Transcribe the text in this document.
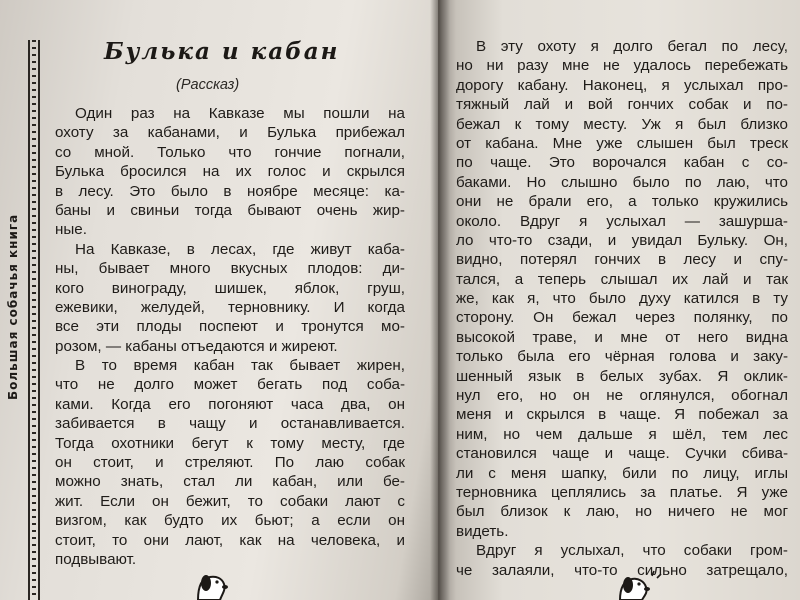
Большая собачья книга
Булька и кабан
(Рассказ)
Один раз на Кавказе мы пошли на
охоту за кабанами, и Булька прибежал
со мной. Только что гончие погнали,
Булька бросился на их голос и скрылся
в лесу. Это было в ноябре месяце: ка-
баны и свиньи тогда бывают очень жир-
ные.
На Кавказе, в лесах, где живут каба-
ны, бывает много вкусных плодов: ди-
кого винограду, шишек, яблок, груш,
ежевики, желудей, терновнику. И когда
все эти плоды поспеют и тронутся мо-
розом, — кабаны отъедаются и жиреют.
В то время кабан так бывает жирен,
что не долго может бегать под соба-
ками. Когда его погоняют часа два, он
забивается в чащу и останавливается.
Тогда охотники бегут к тому месту, где
он стоит, и стреляют. По лаю собак
можно знать, стал ли кабан, или бе-
жит. Если он бежит, то собаки лают с
визгом, как будто их бьют; а если он
стоит, то они лают, как на человека, и
подвывают.
В эту охоту я долго бегал по лесу,
но ни разу мне не удалось перебежать
дорогу кабану. Наконец, я услыхал про-
тяжный лай и вой гончих собак и по-
бежал к тому месту. Уж я был близко
от кабана. Мне уже слышен был треск
по чаще. Это ворочался кабан с со-
баками. Но слышно было по лаю, что
они не брали его, а только кружились
около. Вдруг я услыхал — зашурша-
ло что-то сзади, и увидал Бульку. Он,
видно, потерял гончих в лесу и спу-
тался, а теперь слышал их лай и так
же, как я, что было духу катился в ту
сторону. Он бежал через полянку, по
высокой траве, и мне от него видна
только была его чёрная голова и заку-
шенный язык в белых зубах. Я оклик-
нул его, но он не оглянулся, обогнал
меня и скрылся в чаще. Я побежал за
ним, но чем дальше я шёл, тем лес
становился чаще и чаще. Сучки сбива-
ли с меня шапку, били по лицу, иглы
терновника цеплялись за платье. Я уже
был близок к лаю, но ничего не мог
видеть.
Вдруг я услыхал, что собаки гром-
че залаяли, что-то сильно затрещало,
